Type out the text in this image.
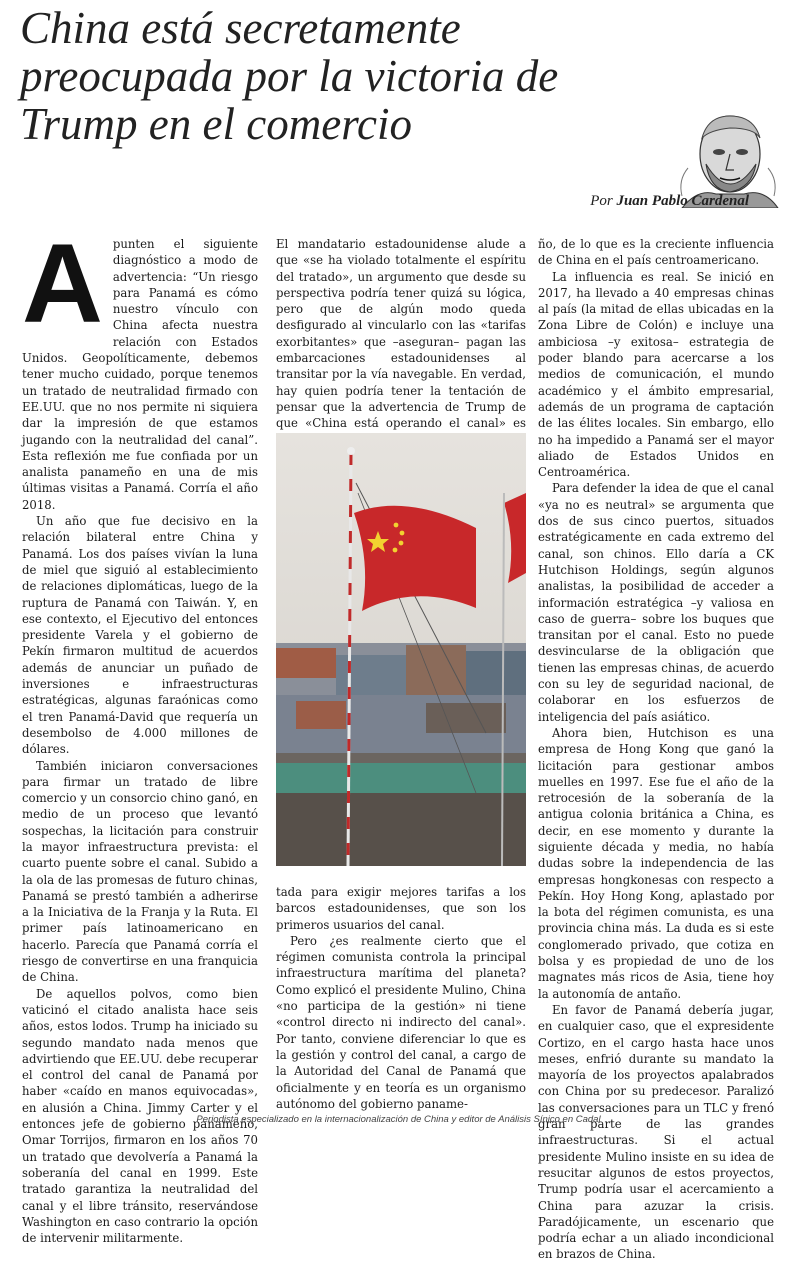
China está secretamente preocupada por la victoria de Trump en el comercio
Por Juan Pablo Cardenal
A punten el siguiente diagnóstico a modo de advertencia: “Un riesgo para Panamá es cómo nuestro vínculo con China afecta nuestra relación con Estados Unidos. Geopolíticamente, debemos tener mucho cuidado, porque tenemos un tratado de neutralidad firmado con EE.UU. que no nos permite ni siquiera dar la impresión de que estamos jugando con la neutralidad del canal”. Esta reflexión me fue confiada por un analista panameño en una de mis últimas visitas a Panamá. Corría el año 2018.

Un año que fue decisivo en la relación bilateral entre China y Panamá. Los dos países vivían la luna de miel que siguió al establecimiento de relaciones diplomáticas, luego de la ruptura de Panamá con Taiwán. Y, en ese contexto, el Ejecutivo del entonces presidente Varela y el gobierno de Pekín firmaron multitud de acuerdos además de anunciar un puñado de inversiones e infraestructuras estratégicas, algunas faraónicas como el tren Panamá-David que requería un desembolso de 4.000 millones de dólares.

También iniciaron conversaciones para firmar un tratado de libre comercio y un consorcio chino ganó, en medio de un proceso que levantó sospechas, la licitación para construir la mayor infraestructura prevista: el cuarto puente sobre el canal. Subido a la ola de las promesas de futuro chinas, Panamá se prestó también a adherirse a la Iniciativa de la Franja y la Ruta. El primer país latinoamericano en hacerlo. Parecía que Panamá corría el riesgo de convertirse en una franquicia de China.

De aquellos polvos, como bien vaticinó el citado analista hace seis años, estos lodos. Trump ha iniciado su segundo mandato nada menos que advirtiendo que EE.UU. debe recuperar el control del canal de Panamá por haber «caído en manos equivocadas», en alusión a China. Jimmy Carter y el entonces jefe de gobierno panameño, Omar Torrijos, firmaron en los años 70 un tratado que devolvería a Panamá la soberanía del canal en 1999. Este tratado garantiza la neutralidad del canal y el libre tránsito, reservándose Washington en caso contrario la opción de intervenir militarmente.

El mandatario estadounidense alude a que «se ha violado totalmente el espíritu del tratado», un argumento que desde su perspectiva podría tener quizá su lógica, pero que de algún modo queda desfigurado al vincularlo con las «tarifas exorbitantes» que –aseguran– pagan las embarcaciones estadounidenses al transitar por la vía navegable. En verdad, hay quien podría tener la tentación de pensar que la advertencia de Trump de que «China está operando el canal» es

tada para exigir mejores tarifas a los barcos estadounidenses, que son los primeros usuarios del canal.

Pero ¿es realmente cierto que el régimen comunista controla la principal infraestructura marítima del planeta? Como explicó el presidente Mulino, China «no participa de la gestión» ni tiene «control directo ni indirecto del canal». Por tanto, conviene diferenciar lo que es la gestión y control del canal, a cargo de la Autoridad del Canal de Panamá que oficialmente y en teoría es un organismo autónomo del gobierno paname-

ño, de lo que es la creciente influencia de China en el país centroamericano.

La influencia es real. Se inició en 2017, ha llevado a 40 empresas chinas al país (la mitad de ellas ubicadas en la Zona Libre de Colón) e incluye una ambiciosa –y exitosa– estrategia de poder blando para acercarse a los medios de comunicación, el mundo académico y el ámbito empresarial, además de un programa de captación de las élites locales. Sin embargo, ello no ha impedido a Panamá ser el mayor aliado de Estados Unidos en Centroamérica.

Para defender la idea de que el canal «ya no es neutral» se argumenta que dos de sus cinco puertos, situados estratégicamente en cada extremo del canal, son chinos. Ello daría a CK Hutchison Holdings, según algunos analistas, la posibilidad de acceder a información estratégica –y valiosa en caso de guerra– sobre los buques que transitan por el canal. Esto no puede desvincularse de la obligación que tienen las empresas chinas, de acuerdo con su ley de seguridad nacional, de colaborar en los esfuerzos de inteligencia del país asiático.

Ahora bien, Hutchison es una empresa de Hong Kong que ganó la licitación para gestionar ambos muelles en 1997. Ese fue el año de la retrocesión de la soberanía de la antigua colonia británica a China, es decir, en ese momento y durante la siguiente década y media, no había dudas sobre la independencia de las empresas hongkonesas con respecto a Pekín. Hoy Hong Kong, aplastado por la bota del régimen comunista, es una provincia china más. La duda es si este conglomerado privado, que cotiza en bolsa y es propiedad de uno de los magnates más ricos de Asia, tiene hoy la autonomía de antaño.

En favor de Panamá debería jugar, en cualquier caso, que el expresidente Cortizo, en el cargo hasta hace unos meses, enfrió durante su mandato la mayoría de los proyectos apalabrados con China por su predecesor. Paralizó las conversaciones para un TLC y frenó gran parte de las grandes infraestructuras. Si el actual presidente Mulino insiste en su idea de resucitar algunos de estos proyectos, Trump podría usar el acercamiento a China para azuzar la crisis. Paradójicamente, un escenario que podría echar a un aliado incondicional en brazos de China.

Periodista especializado en la internacionalización de China y editor de Análisis Sínico en Cadal
